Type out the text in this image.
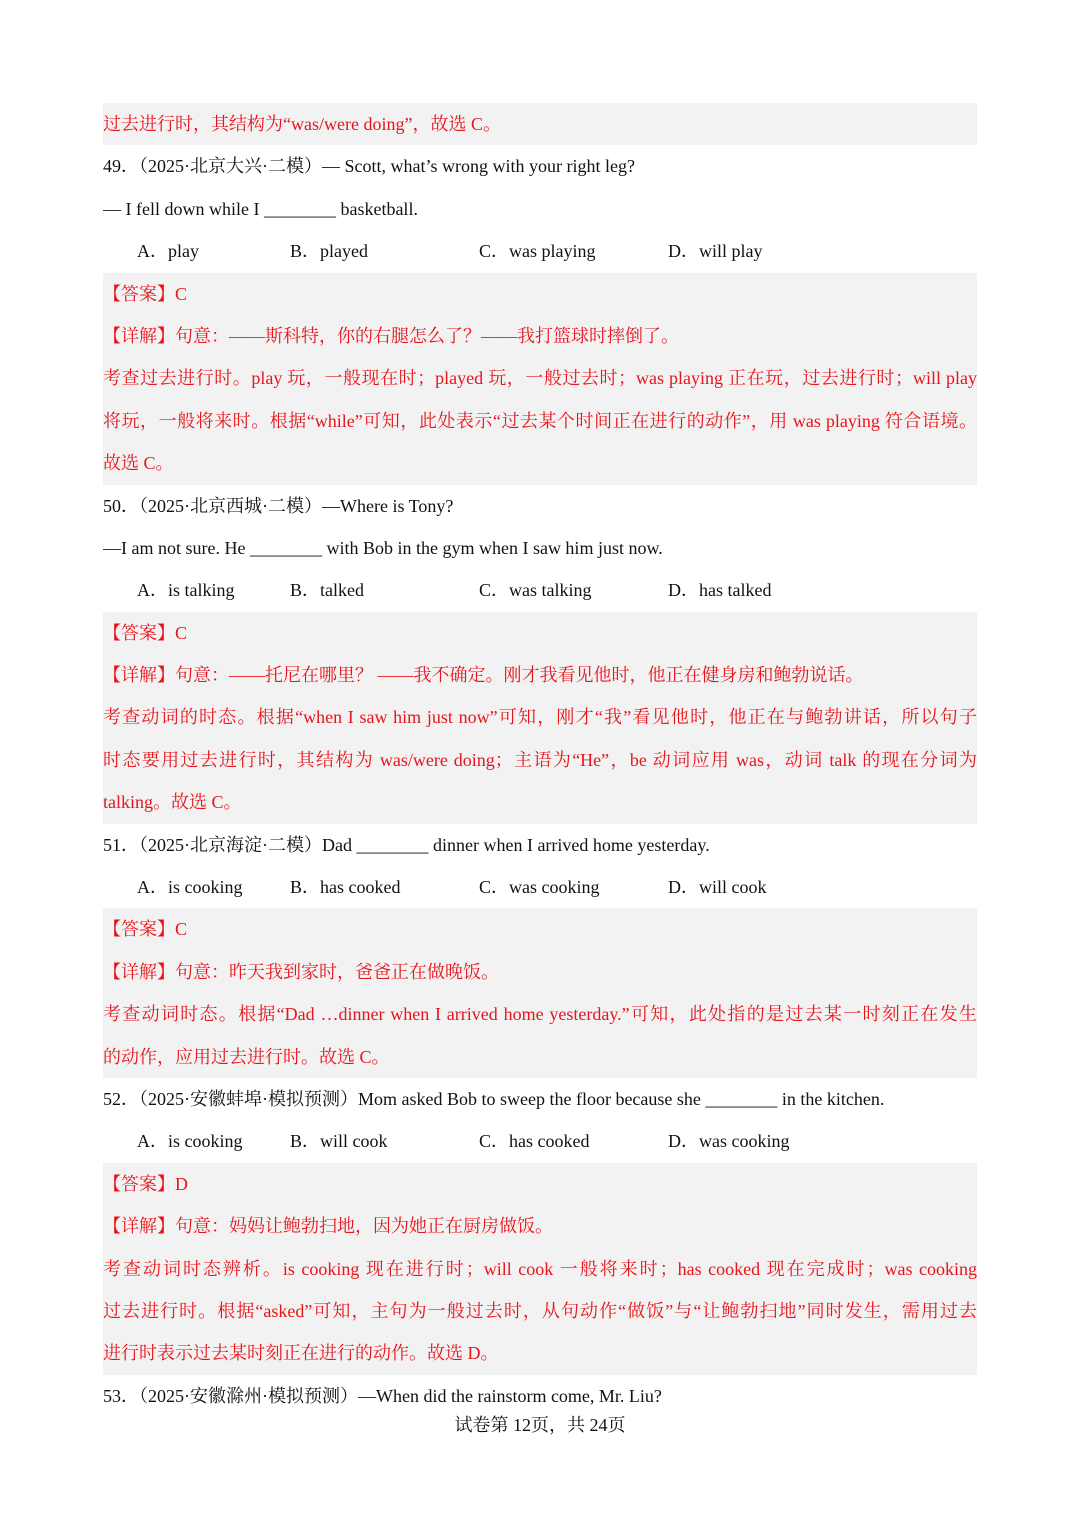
过去进行时，其结构为“was/were doing”，故选 C。
49．（2025·北京大兴·二模）— Scott, what’s wrong with your right leg?
— I fell down while I ________ basketball.
A．play	B．played	C．was playing	D．will play
【答案】C
【详解】句意：——斯科特，你的右腿怎么了？——我打篮球时摔倒了。
考查过去进行时。play 玩，一般现在时；played 玩，一般过去时；was playing 正在玩，过去进行时；will play
将玩，一般将来时。根据“while”可知，此处表示“过去某个时间正在进行的动作”，用 was playing 符合语境。
故选 C。
50．（2025·北京西城·二模）—Where is Tony?
—I am not sure. He ________ with Bob in the gym when I saw him just now.
A．is talking	B．talked	C．was talking	D．has talked
【答案】C
【详解】句意：——托尼在哪里？ ——我不确定。刚才我看见他时，他正在健身房和鲍勃说话。
考查动词的时态。根据“when I saw him just now”可知，刚才“我”看见他时，他正在与鲍勃讲话，所以句子
时态要用过去进行时，其结构为 was/were doing；主语为“He”，be 动词应用 was，动词 talk 的现在分词为
talking。故选 C。
51．（2025·北京海淀·二模）Dad ________ dinner when I arrived home yesterday.
A．is cooking	B．has cooked	C．was cooking	D．will cook
【答案】C
【详解】句意：昨天我到家时，爸爸正在做晚饭。
考查动词时态。根据“Dad …dinner when I arrived home yesterday.”可知，此处指的是过去某一时刻正在发生
的动作，应用过去进行时。故选 C。
52．（2025·安徽蚌埠·模拟预测）Mom asked Bob to sweep the floor because she ________ in the kitchen.
A．is cooking	B．will cook	C．has cooked	D．was cooking
【答案】D
【详解】句意：妈妈让鲍勃扫地，因为她正在厨房做饭。
考查动词时态辨析。is cooking 现在进行时；will cook 一般将来时；has cooked 现在完成时；was cooking
过去进行时。根据“asked”可知，主句为一般过去时，从句动作“做饭”与“让鲍勃扫地”同时发生，需用过去
进行时表示过去某时刻正在进行的动作。故选 D。
53．（2025·安徽滁州·模拟预测）—When did the rainstorm come, Mr. Liu?
试卷第 12页，共 24页
